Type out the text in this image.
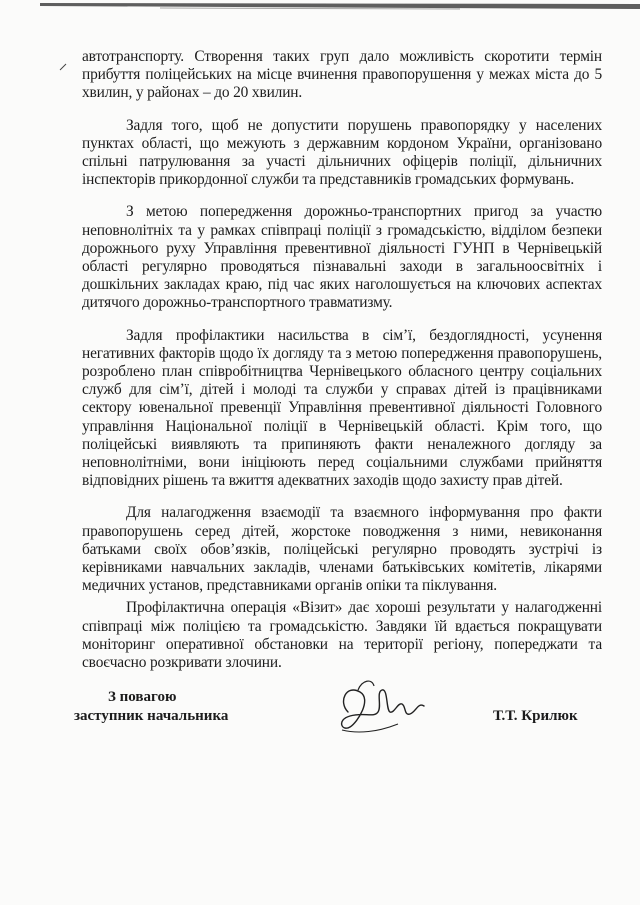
автотранспорту. Створення таких груп дало можливість скоротити термін прибуття поліцейських на місце вчинення правопорушення у межах міста до 5 хвилин, у районах – до 20 хвилин.

Задля того, щоб не допустити порушень правопорядку у населених пунктах області, що межують з державним кордоном України, організовано спільні патрулювання за участі дільничних офіцерів поліції, дільничних інспекторів прикордонної служби та представників громадських формувань.

З метою попередження дорожньо-транспортних пригод за участю неповнолітніх та у рамках співпраці поліції з громадськістю, відділом безпеки дорожнього руху Управління превентивної діяльності ГУНП в Чернівецькій області регулярно проводяться пізнавальні заходи в загальноосвітніх і дошкільних закладах краю, під час яких наголошується на ключових аспектах дитячого дорожньо-транспортного травматизму.

Задля профілактики насильства в сім’ї, бездоглядності, усунення негативних факторів щодо їх догляду та з метою попередження правопорушень, розроблено план співробітництва Чернівецького обласного центру соціальних служб для сім’ї, дітей і молоді та служби у справах дітей із працівниками сектору ювенальної превенції Управління превентивної діяльності Головного управління Національної поліції в Чернівецькій області. Крім того, що поліцейські виявляють та припиняють факти неналежного догляду за неповнолітніми, вони ініціюють перед соціальними службами прийняття відповідних рішень та вжиття адекватних заходів щодо захисту прав дітей.

Для налагодження взаємодії та взаємного інформування про факти правопорушень серед дітей, жорстоке поводження з ними, невиконання батьками своїх обов’язків, поліцейські регулярно проводять зустрічі із керівниками навчальних закладів, членами батьківських комітетів, лікарями медичних установ, представниками органів опіки та піклування.

Профілактична операція «Візит» дає хороші результати у налагодженні співпраці між поліцією та громадськістю. Завдяки їй вдається покращувати моніторинг оперативної обстановки на території регіону, попереджати та своєчасно розкривати злочини.

З повагою
заступник начальника	Т.Т. Крилюк
